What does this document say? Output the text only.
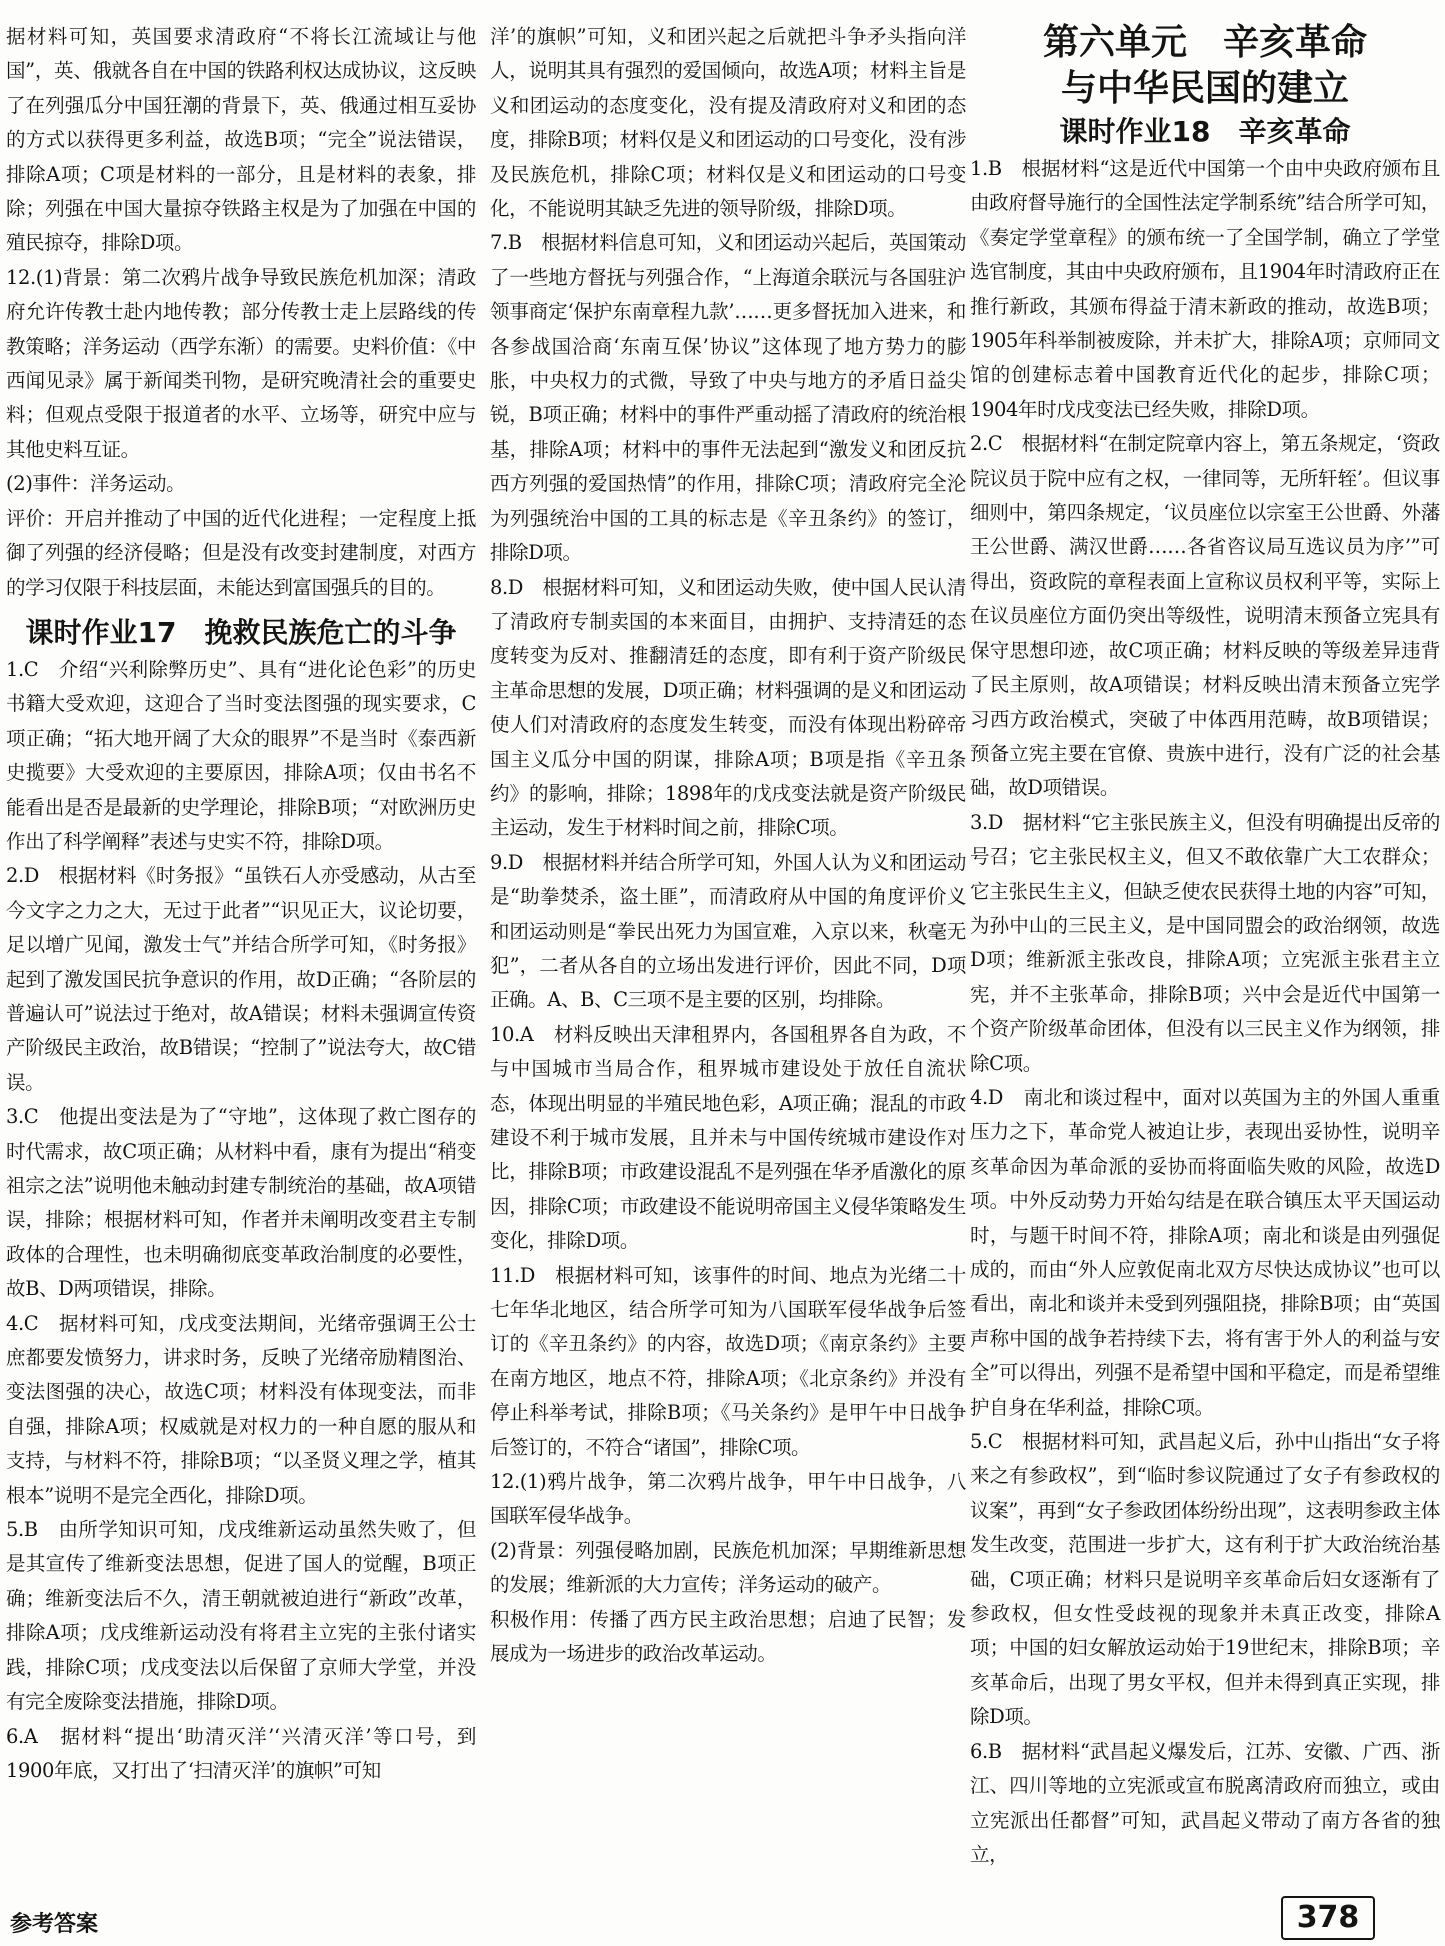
据材料可知，英国要求清政府“不将长江流域让与他国”，英、俄就各自在中国的铁路利权达成协议，这反映了在列强瓜分中国狂潮的背景下，英、俄通过相互妥协的方式以获得更多利益，故选B项；“完全”说法错误，排除A项；C项是材料的一部分，且是材料的表象，排除；列强在中国大量掠夺铁路主权是为了加强在中国的殖民掠夺，排除D项。

12.(1)背景：第二次鸦片战争导致民族危机加深；清政府允许传教士赴内地传教；部分传教士走上层路线的传教策略；洋务运动（西学东渐）的需要。史料价值：《中西闻见录》属于新闻类刊物，是研究晚清社会的重要史料；但观点受限于报道者的水平、立场等，研究中应与其他史料互证。

(2)事件：洋务运动。

评价：开启并推动了中国的近代化进程；一定程度上抵御了列强的经济侵略；但是没有改变封建制度，对西方的学习仅限于科技层面，未能达到富国强兵的目的。

课时作业17　挽救民族危亡的斗争

1.C　介绍“兴利除弊历史”、具有“进化论色彩”的历史书籍大受欢迎，这迎合了当时变法图强的现实要求，C项正确；“拓大地开阔了大众的眼界”不是当时《泰西新史揽要》大受欢迎的主要原因，排除A项；仅由书名不能看出是否是最新的史学理论，排除B项；“对欧洲历史作出了科学阐释”表述与史实不符，排除D项。

2.D　根据材料《时务报》“虽铁石人亦受感动，从古至今文字之力之大，无过于此者”“识见正大，议论切要，足以增广见闻，激发士气”并结合所学可知，《时务报》起到了激发国民抗争意识的作用，故D正确；“各阶层的普遍认可”说法过于绝对，故A错误；材料未强调宣传资产阶级民主政治，故B错误；“控制了”说法夸大，故C错误。

3.C　他提出变法是为了“守地”，这体现了救亡图存的时代需求，故C项正确；从材料中看，康有为提出“稍变祖宗之法”说明他未触动封建专制统治的基础，故A项错误，排除；根据材料可知，作者并未阐明改变君主专制政体的合理性，也未明确彻底变革政治制度的必要性，故B、D两项错误，排除。

4.C　据材料可知，戊戌变法期间，光绪帝强调王公士庶都要发愤努力，讲求时务，反映了光绪帝励精图治、变法图强的决心，故选C项；材料没有体现变法，而非自强，排除A项；权威就是对权力的一种自愿的服从和支持，与材料不符，排除B项；“以圣贤义理之学，植其根本”说明不是完全西化，排除D项。

5.B　由所学知识可知，戊戌维新运动虽然失败了，但是其宣传了维新变法思想，促进了国人的觉醒，B项正确；维新变法后不久，清王朝就被迫进行“新政”改革，排除A项；戊戌维新运动没有将君主立宪的主张付诸实践，排除C项；戊戌变法以后保留了京师大学堂，并没有完全废除变法措施，排除D项。

6.A　据材料“提出‘助清灭洋’‘兴清灭洋’等口号，到1900年底，又打出了‘扫清灭洋’的旗帜”可知

洋’的旗帜”可知，义和团兴起之后就把斗争矛头指向洋人，说明其具有强烈的爱国倾向，故选A项；材料主旨是义和团运动的态度变化，没有提及清政府对义和团的态度，排除B项；材料仅是义和团运动的口号变化，没有涉及民族危机，排除C项；材料仅是义和团运动的口号变化，不能说明其缺乏先进的领导阶级，排除D项。

7.B　根据材料信息可知，义和团运动兴起后，英国策动了一些地方督抚与列强合作，“上海道余联沅与各国驻沪领事商定‘保护东南章程九款’……更多督抚加入进来，和各参战国洽商‘东南互保’协议”这体现了地方势力的膨胀，中央权力的式微，导致了中央与地方的矛盾日益尖锐，B项正确；材料中的事件严重动摇了清政府的统治根基，排除A项；材料中的事件无法起到“激发义和团反抗西方列强的爱国热情”的作用，排除C项；清政府完全沦为列强统治中国的工具的标志是《辛丑条约》的签订，排除D项。

8.D　根据材料可知，义和团运动失败，使中国人民认清了清政府专制卖国的本来面目，由拥护、支持清廷的态度转变为反对、推翻清廷的态度，即有利于资产阶级民主革命思想的发展，D项正确；材料强调的是义和团运动使人们对清政府的态度发生转变，而没有体现出粉碎帝国主义瓜分中国的阴谋，排除A项；B项是指《辛丑条约》的影响，排除；1898年的戊戌变法就是资产阶级民主运动，发生于材料时间之前，排除C项。

9.D　根据材料并结合所学可知，外国人认为义和团运动是“助拳焚杀，盗土匪”，而清政府从中国的角度评价义和团运动则是“拳民出死力为国宣难，入京以来，秋毫无犯”，二者从各自的立场出发进行评价，因此不同，D项正确。A、B、C三项不是主要的区别，均排除。

10.A　材料反映出天津租界内，各国租界各自为政，不与中国城市当局合作，租界城市建设处于放任自流状态，体现出明显的半殖民地色彩，A项正确；混乱的市政建设不利于城市发展，且并未与中国传统城市建设作对比，排除B项；市政建设混乱不是列强在华矛盾激化的原因，排除C项；市政建设不能说明帝国主义侵华策略发生变化，排除D项。

11.D　根据材料可知，该事件的时间、地点为光绪二十七年华北地区，结合所学可知为八国联军侵华战争后签订的《辛丑条约》的内容，故选D项；《南京条约》主要在南方地区，地点不符，排除A项；《北京条约》并没有停止科举考试，排除B项；《马关条约》是甲午中日战争后签订的，不符合“诸国”，排除C项。

12.(1)鸦片战争，第二次鸦片战争，甲午中日战争，八国联军侵华战争。

(2)背景：列强侵略加剧，民族危机加深；早期维新思想的发展；维新派的大力宣传；洋务运动的破产。

积极作用：传播了西方民主政治思想；启迪了民智；发展成为一场进步的政治改革运动。

第六单元　辛亥革命

与中华民国的建立

课时作业18　辛亥革命

1.B　根据材料“这是近代中国第一个由中央政府颁布且由政府督导施行的全国性法定学制系统”结合所学可知，《奏定学堂章程》的颁布统一了全国学制，确立了学堂选官制度，其由中央政府颁布，且1904年时清政府正在推行新政，其颁布得益于清末新政的推动，故选B项；1905年科举制被废除，并未扩大，排除A项；京师同文馆的创建标志着中国教育近代化的起步，排除C项；1904年时戊戌变法已经失败，排除D项。

2.C　根据材料“在制定院章内容上，第五条规定，‘资政院议员于院中应有之权，一律同等，无所轩轾’。但议事细则中，第四条规定，‘议员座位以宗室王公世爵、外藩王公世爵、满汉世爵……各省咨议局互选议员为序’”可得出，资政院的章程表面上宣称议员权利平等，实际上在议员座位方面仍突出等级性，说明清末预备立宪具有保守思想印迹，故C项正确；材料反映的等级差异违背了民主原则，故A项错误；材料反映出清末预备立宪学习西方政治模式，突破了中体西用范畴，故B项错误；预备立宪主要在官僚、贵族中进行，没有广泛的社会基础，故D项错误。

3.D　据材料“它主张民族主义，但没有明确提出反帝的号召；它主张民权主义，但又不敢依靠广大工农群众；它主张民生主义，但缺乏使农民获得土地的内容”可知，为孙中山的三民主义，是中国同盟会的政治纲领，故选D项；维新派主张改良，排除A项；立宪派主张君主立宪，并不主张革命，排除B项；兴中会是近代中国第一个资产阶级革命团体，但没有以三民主义作为纲领，排除C项。

4.D　南北和谈过程中，面对以英国为主的外国人重重压力之下，革命党人被迫让步，表现出妥协性，说明辛亥革命因为革命派的妥协而将面临失败的风险，故选D项。中外反动势力开始勾结是在联合镇压太平天国运动时，与题干时间不符，排除A项；南北和谈是由列强促成的，而由“外人应敦促南北双方尽快达成协议”也可以看出，南北和谈并未受到列强阻挠，排除B项；由“英国声称中国的战争若持续下去，将有害于外人的利益与安全”可以得出，列强不是希望中国和平稳定，而是希望维护自身在华利益，排除C项。

5.C　根据材料可知，武昌起义后，孙中山指出“女子将来之有参政权”，到“临时参议院通过了女子有参政权的议案”，再到“女子参政团体纷纷出现”，这表明参政主体发生改变，范围进一步扩大，这有利于扩大政治统治基础，C项正确；材料只是说明辛亥革命后妇女逐渐有了参政权，但女性受歧视的现象并未真正改变，排除A项；中国的妇女解放运动始于19世纪末，排除B项；辛亥革命后，出现了男女平权，但并未得到真正实现，排除D项。

6.B　据材料“武昌起义爆发后，江苏、安徽、广西、浙江、四川等地的立宪派或宣布脱离清政府而独立，或由立宪派出任都督”可知，武昌起义带动了南方各省的独立，

参考答案	378
